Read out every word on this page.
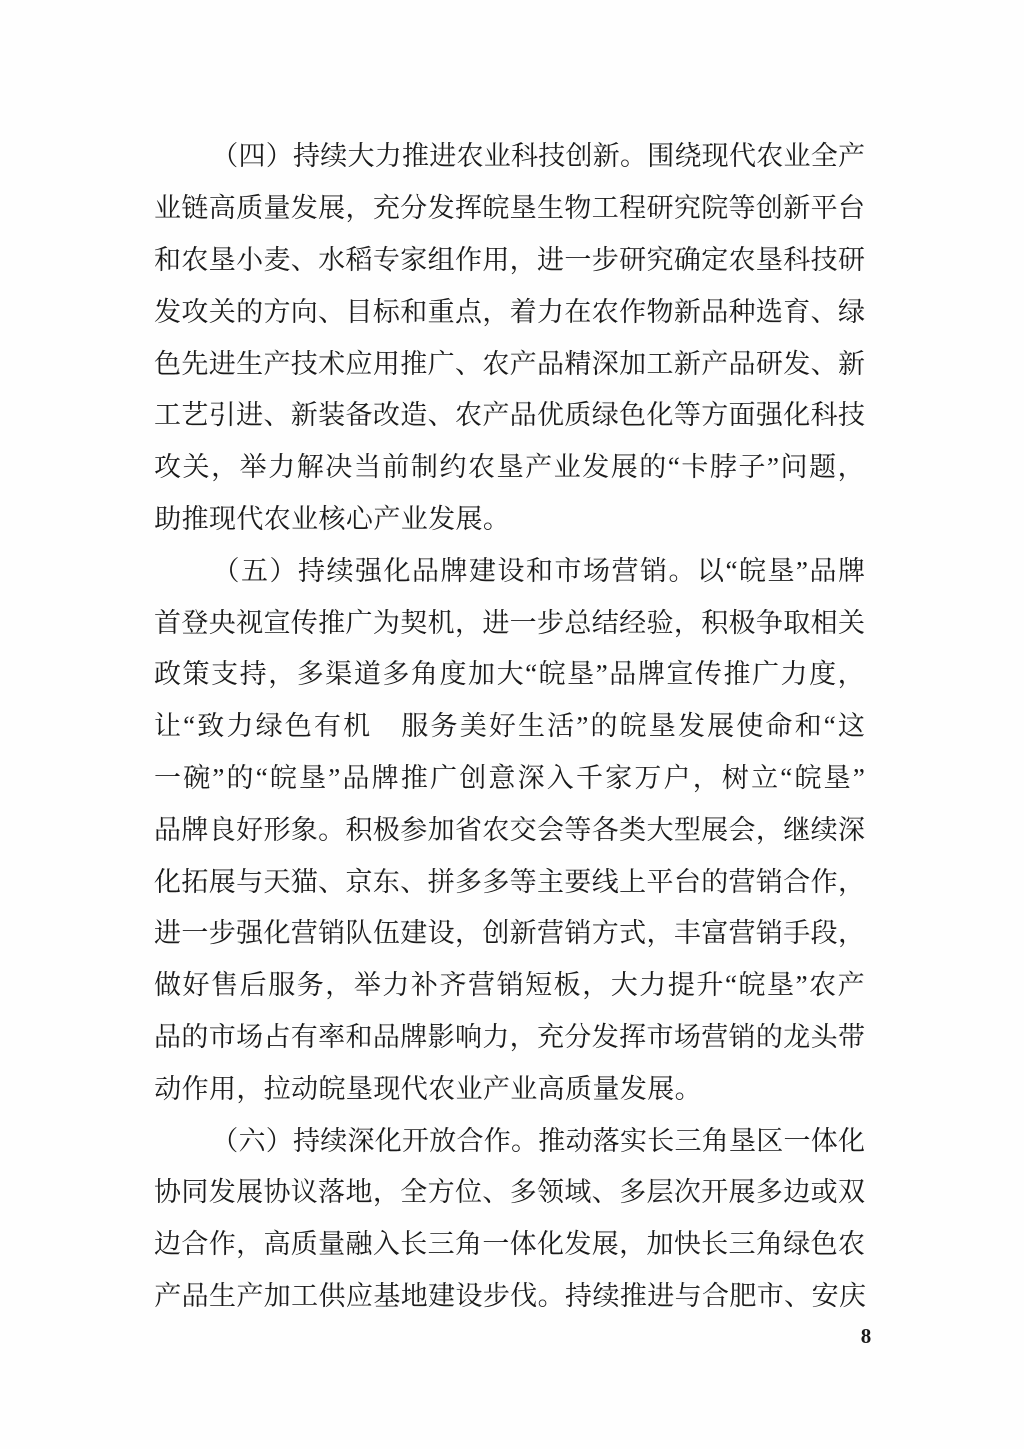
（ 四 ） 持 续 大 力 推 进 农 业 科 技 创 新 。 围 绕 现 代 农 业 全 产
业 链 高 质 量 发 展 ， 充 分 发 挥 皖 垦 生 物 工 程 研 究 院 等 创 新 平 台
和 农 垦 小 麦 、 水 稻 专 家 组 作 用 ， 进 一 步 研 究 确 定 农 垦 科 技 研
发 攻 关 的 方 向 、 目 标 和 重 点 ， 着 力 在 农 作 物 新 品 种 选 育 、 绿
色 先 进 生 产 技 术 应 用 推 广 、 农 产 品 精 深 加 工 新 产 品 研 发 、 新
工 艺 引 进 、 新 装 备 改 造 、 农 产 品 优 质 绿 色 化 等 方 面 强 化 科 技
攻 关 ， 举 力 解 决 当 前 制 约 农 垦 产 业 发 展 的 “ 卡 脖 子 ” 问 题 ，
助 推 现 代 农 业 核 心 产 业 发 展 。
（ 五 ） 持 续 强 化 品 牌 建 设 和 市 场 营 销 。 以 “ 皖 垦 ” 品 牌
首 登 央 视 宣 传 推 广 为 契 机 ， 进 一 步 总 结 经 验 ， 积 极 争 取 相 关
政 策 支 持 ， 多 渠 道 多 角 度 加 大 “ 皖 垦 ” 品 牌 宣 传 推 广 力 度 ，
让 “ 致 力 绿 色 有 机
　 服 务 美 好 生 活 ” 的 皖 垦 发 展 使 命 和 “ 这
一 碗 ” 的 “ 皖 垦 ” 品 牌 推 广 创 意 深 入 千 家 万 户 ， 树 立 “ 皖 垦 ”
品 牌 良 好 形 象 。 积 极 参 加 省 农 交 会 等 各 类 大 型 展 会 ， 继 续 深
化 拓 展 与 天 猫 、 京 东 、 拼 多 多 等 主 要 线 上 平 台 的 营 销 合 作 ，
进 一 步 强 化 营 销 队 伍 建 设 ， 创 新 营 销 方 式 ， 丰 富 营 销 手 段 ，
做 好 售 后 服 务 ， 举 力 补 齐 营 销 短 板 ， 大 力 提 升 “ 皖 垦 ” 农 产
品 的 市 场 占 有 率 和 品 牌 影 响 力 ， 充 分 发 挥 市 场 营 销 的 龙 头 带
动 作 用 ， 拉 动 皖 垦 现 代 农 业 产 业 高 质 量 发 展 。
（ 六 ） 持 续 深 化 开 放 合 作 。 推 动 落 实 长 三 角 垦 区 一 体 化
协 同 发 展 协 议 落 地 ， 全 方 位 、 多 领 域 、 多 层 次 开 展 多 边 或 双
边 合 作 ， 高 质 量 融 入 长 三 角 一 体 化 发 展 ， 加 快 长 三 角 绿 色 农
产 品 生 产 加 工 供 应 基 地 建 设 步 伐 。 持 续 推 进 与 合 肥 市 、 安 庆
8
